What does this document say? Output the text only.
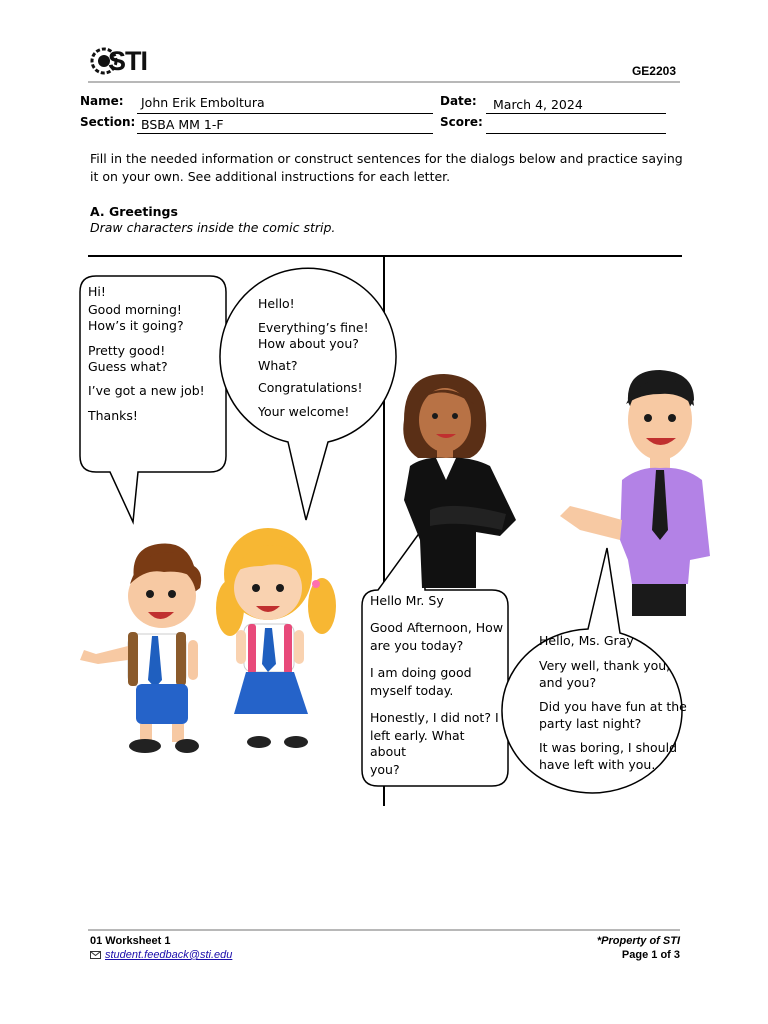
STI	GE2203
Name: John Erik Emboltura
Section: BSBA MM 1-F
Date: March 4, 2024
Score:
Fill in the needed information or construct sentences for the dialogs below and practice saying it on your own. See additional instructions for each letter.
A. Greetings
Draw characters inside the comic strip.
Hi!
Good morning!
How’s it going?
Pretty good!
Guess what?
I’ve got a new job!
Thanks!
Hello!
Everything’s fine!
How about you?
What?
Congratulations!
Your welcome!
Hello Mr. Sy
Good Afternoon, How
are you today?
I am doing good
myself today.
Honestly, I did not? I
left early. What about
you?
Hello, Ms. Gray
Very well, thank you,
and you?
Did you have fun at the
party last night?
It was boring, I should
have left with you.
01 Worksheet 1
student.feedback@sti.edu
*Property of STI
Page 1 of 3
